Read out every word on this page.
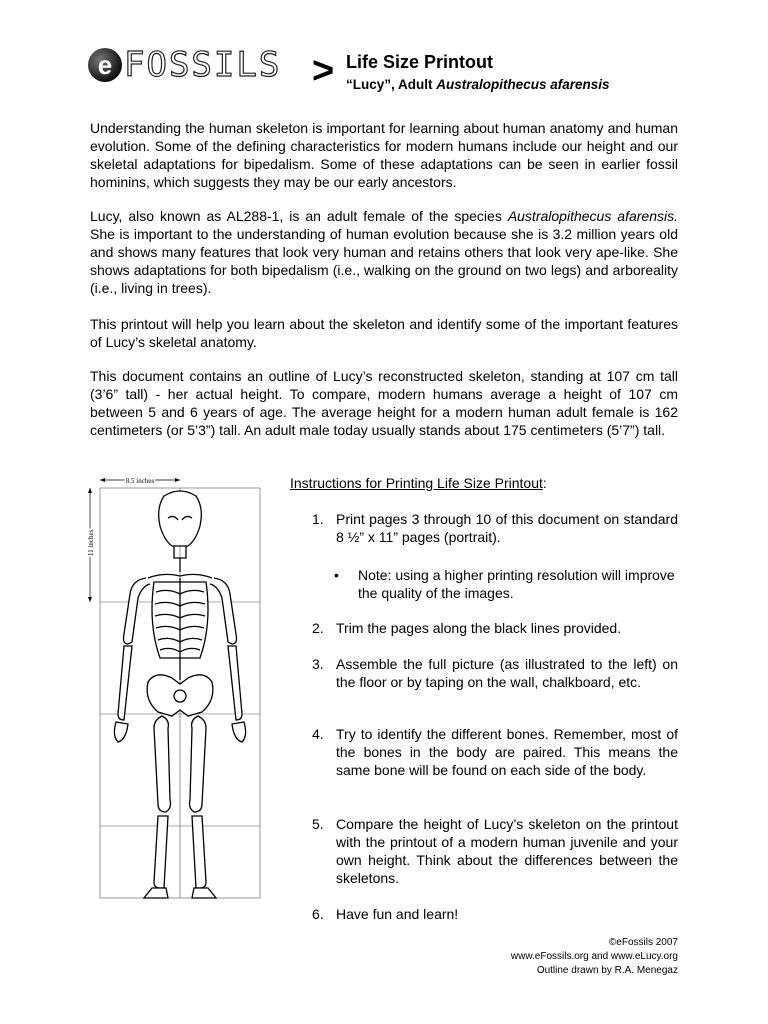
e FOSSILS > Life Size Printout
“Lucy”, Adult Australopithecus afarensis
Understanding the human skeleton is important for learning about human anatomy and human evolution. Some of the defining characteristics for modern humans include our height and our skeletal adaptations for bipedalism. Some of these adaptations can be seen in earlier fossil hominins, which suggests they may be our early ancestors.
Lucy, also known as AL288-1, is an adult female of the species Australopithecus afarensis. She is important to the understanding of human evolution because she is 3.2 million years old and shows many features that look very human and retains others that look very ape-like. She shows adaptations for both bipedalism (i.e., walking on the ground on two legs) and arboreality (i.e., living in trees).
This printout will help you learn about the skeleton and identify some of the important features of Lucy’s skeletal anatomy.
This document contains an outline of Lucy’s reconstructed skeleton, standing at 107 cm tall (3’6” tall) - her actual height. To compare, modern humans average a height of 107 cm between 5 and 6 years of age. The average height for a modern human adult female is 162 centimeters (or 5’3”) tall. An adult male today usually stands about 175 centimeters (5’7”) tall.
8.5 inches
11 inches
Instructions for Printing Life Size Printout:
1. Print pages 3 through 10 of this document on standard 8 ½” x 11” pages (portrait).
• Note: using a higher printing resolution will improve the quality of the images.
2. Trim the pages along the black lines provided.
3. Assemble the full picture (as illustrated to the left) on the floor or by taping on the wall, chalkboard, etc.
4. Try to identify the different bones. Remember, most of the bones in the body are paired. This means the same bone will be found on each side of the body.
5. Compare the height of Lucy’s skeleton on the printout with the printout of a modern human juvenile and your own height. Think about the differences between the skeletons.
6. Have fun and learn!
©eFossils 2007
www.eFossils.org and www.eLucy.org
Outline drawn by R.A. Menegaz
